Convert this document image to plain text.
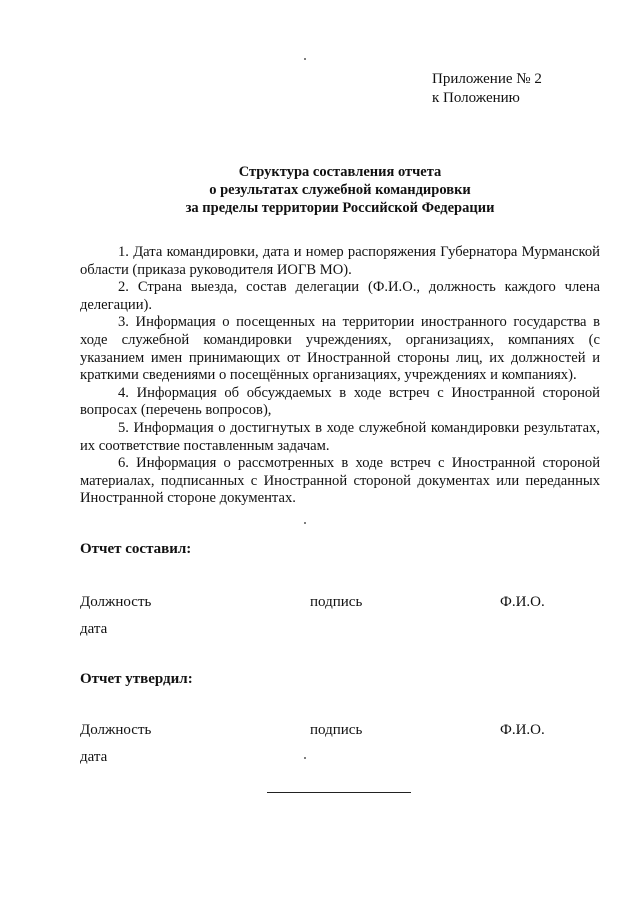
Приложение № 2
к Положению
Структура составления отчета
о результатах служебной командировки
за пределы территории Российской Федерации

1. Дата командировки, дата и номер распоряжения Губернатора Мурманской области (приказа руководителя ИОГВ МО).

2. Страна выезда, состав делегации (Ф.И.О., должность каждого члена делегации).

3. Информация о посещенных на территории иностранного государства в ходе служебной командировки учреждениях, организациях, компаниях (с указанием имен принимающих от Иностранной стороны лиц, их должностей и краткими сведениями о посещённых организациях, учреждениях и компаниях).

4. Информация об обсуждаемых в ходе встреч с Иностранной стороной вопросах (перечень вопросов),

5. Информация о достигнутых в ходе служебной командировки результатах, их соответствие поставленным задачам.

6. Информация о рассмотренных в ходе встреч с Иностранной стороной материалах, подписанных с Иностранной стороной документах или переданных Иностранной стороне документах.

Отчет составил:
Должность	подпись	Ф.И.О.
дата
Отчет утвердил:
Должность	подпись	Ф.И.О.
дата
